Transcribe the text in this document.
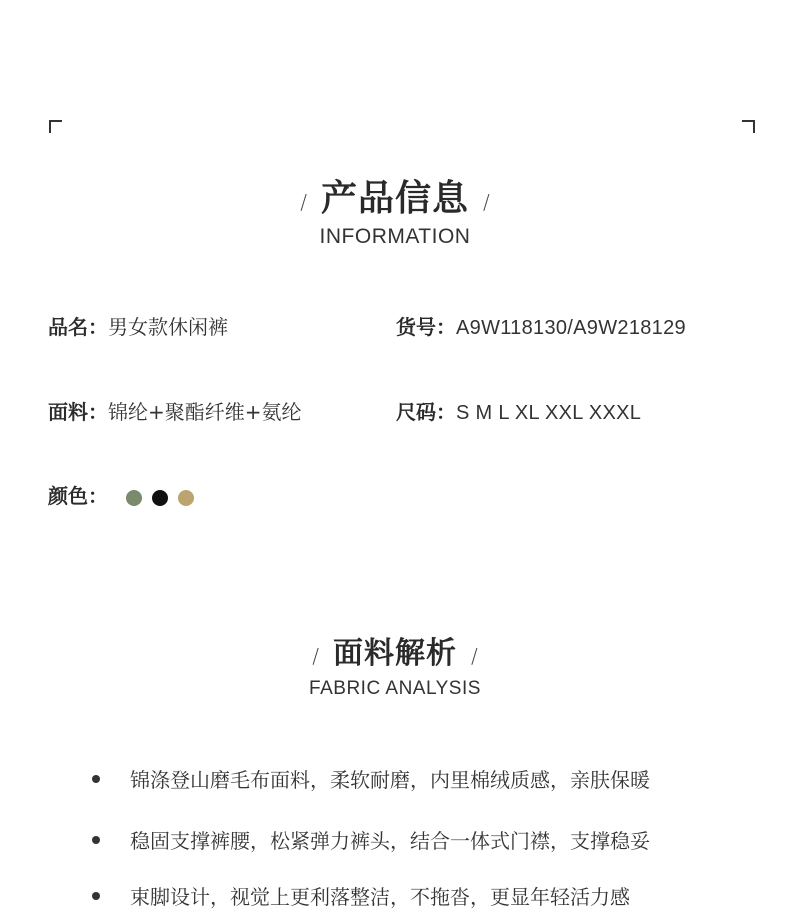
/ 产品信息 /
INFORMATION
品名：男女款休闲裤	货号：A9W118130/A9W218129
面料：锦纶+聚酯纤维+氨纶	尺码：S M L XL XXL XXXL
颜色：
/ 面料解析 /
FABRIC ANALYSIS
锦涤登山磨毛布面料，柔软耐磨，内里棉绒质感，亲肤保暖
稳固支撑裤腰，松紧弹力裤头，结合一体式门襟，支撑稳妥
束脚设计，视觉上更利落整洁，不拖沓，更显年轻活力感
